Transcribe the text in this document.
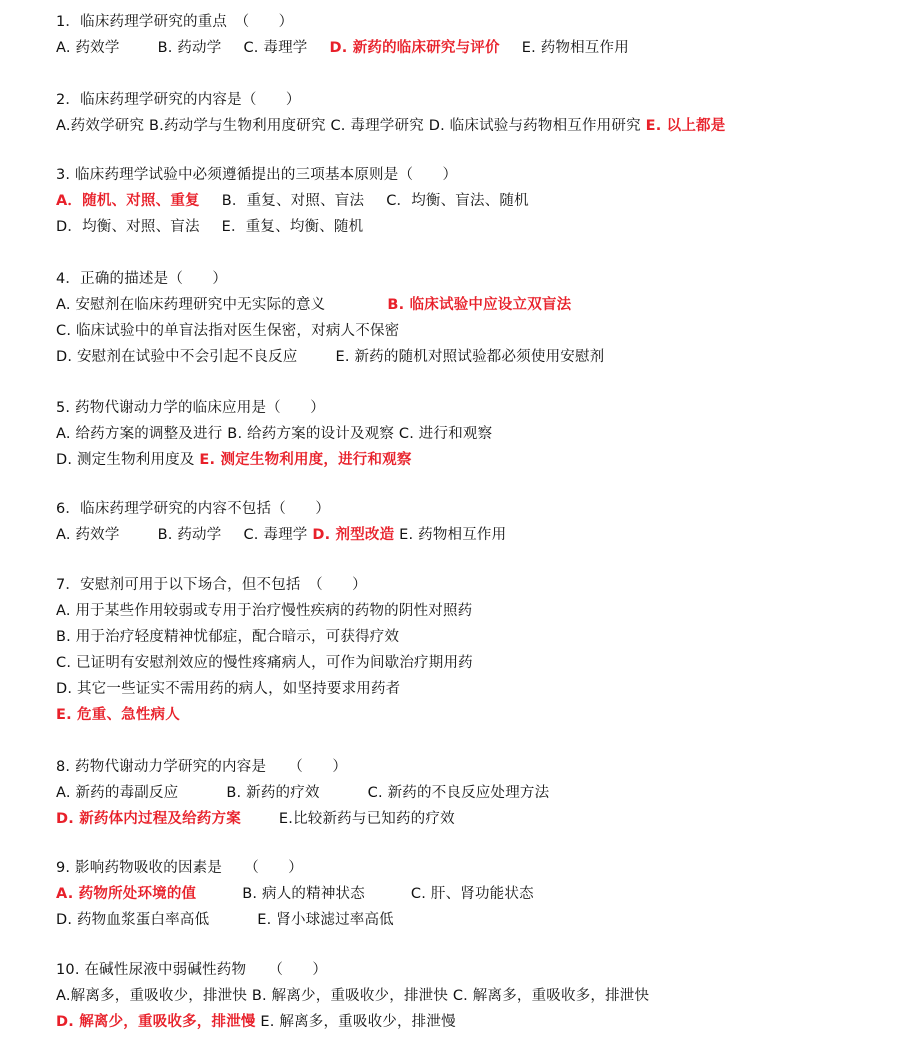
1．临床药理学研究的重点　（　　）
A. 药效学	B. 药动学 C. 毒理学 D. 新药的临床研究与评价 E. 药物相互作用
2．临床药理学研究的内容是（　　）
A.药效学研究 B.药动学与生物利用度研究 C. 毒理学研究 D. 临床试验与药物相互作用研究 E. 以上都是
3. 临床药理学试验中必须遵循提出的三项基本原则是（　　）
A．随机、对照、重复 B．重复、对照、盲法 C．均衡、盲法、随机
D．均衡、对照、盲法 E．重复、均衡、随机
4．正确的描述是（　　）
A. 安慰剂在临床药理研究中无实际的意义	B. 临床试验中应设立双盲法
C. 临床试验中的单盲法指对医生保密，对病人不保密
D. 安慰剂在试验中不会引起不良反应	E. 新药的随机对照试验都必须使用安慰剂
5. 药物代谢动力学的临床应用是（　　）
A. 给药方案的调整及进行 B. 给药方案的设计及观察 C. 进行和观察
D. 测定生物利用度及 E. 测定生物利用度，进行和观察
6．临床药理学研究的内容不包括（　　）
A. 药效学	B. 药动学 C. 毒理学 D. 剂型改造 E. 药物相互作用
7．安慰剂可用于以下场合，但不包括　（　　）
A. 用于某些作用较弱或专用于治疗慢性疾病的药物的阴性对照药
B. 用于治疗轻度精神忧郁症，配合暗示，可获得疗效
C. 已证明有安慰剂效应的慢性疼痛病人，可作为间歇治疗期用药
D. 其它一些证实不需用药的病人，如坚持要求用药者
E. 危重、急性病人
8. 药物代谢动力学研究的内容是　　（　　）
A. 新药的毒副反应	B. 新药的疗效	C. 新药的不良反应处理方法
D. 新药体内过程及给药方案	E.比较新药与已知药的疗效
9. 影响药物吸收的因素是　　（　　）
A. 药物所处环境的值	B. 病人的精神状态	C. 肝、肾功能状态
D. 药物血浆蛋白率高低	E. 肾小球滤过率高低
10. 在碱性尿液中弱碱性药物　　（　　）
A.解离多，重吸收少，排泄快 B. 解离少，重吸收少，排泄快 C. 解离多，重吸收多，排泄快
D. 解离少，重吸收多，排泄慢 E. 解离多，重吸收少，排泄慢
